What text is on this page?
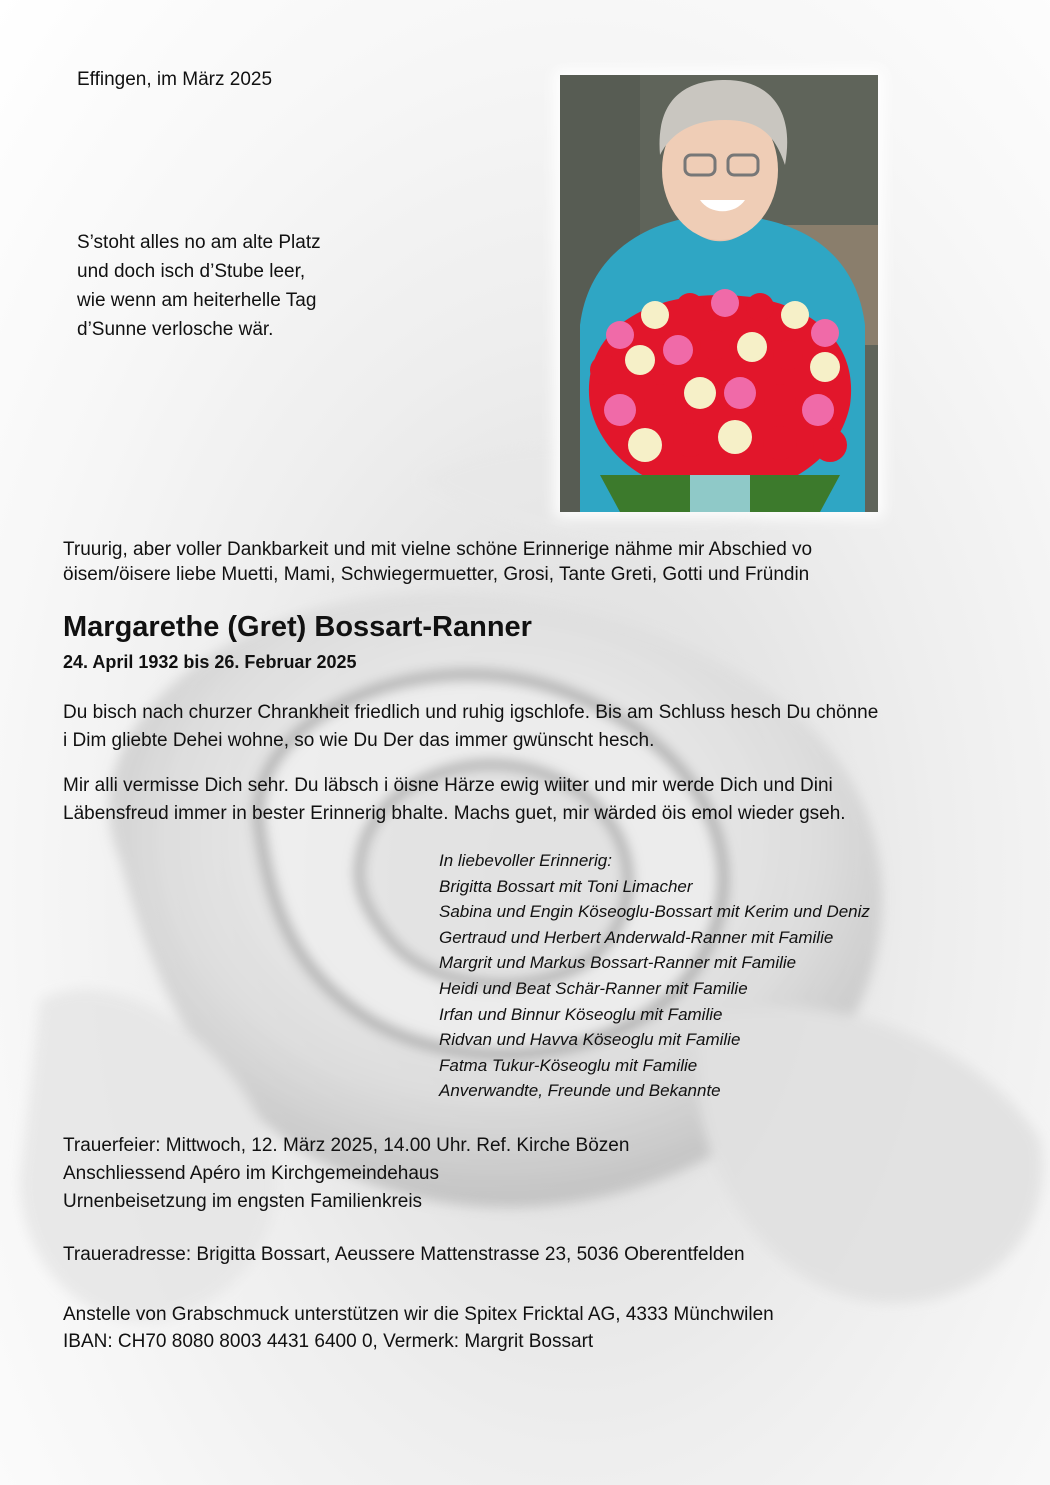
Effingen, im März 2025
S’stoht alles no am alte Platz
und doch isch d’Stube leer,
wie wenn am heiterhelle Tag
d’Sunne verlosche wär.
Truurig, aber voller Dankbarkeit und mit vielne schöne Erinnerige nähme mir Abschied vo
öisem/öisere liebe Muetti, Mami, Schwiegermuetter, Grosi, Tante Greti, Gotti und Fründin
Margarethe (Gret) Bossart-Ranner
24. April 1932 bis 26. Februar 2025
Du bisch nach churzer Chrankheit friedlich und ruhig igschlofe. Bis am Schluss hesch Du chönne
i Dim gliebte Dehei wohne, so wie Du Der das immer gwünscht hesch.
Mir alli vermisse Dich sehr. Du läbsch i öisne Härze ewig wiiter und mir werde Dich und Dini
Läbensfreud immer in bester Erinnerig bhalte. Machs guet, mir wärded öis emol wieder gseh.
In liebevoller Erinnerig:
Brigitta Bossart mit Toni Limacher
Sabina und Engin Köseoglu-Bossart mit Kerim und Deniz
Gertraud und Herbert Anderwald-Ranner mit Familie
Margrit und Markus Bossart-Ranner mit Familie
Heidi und Beat Schär-Ranner mit Familie
Irfan und Binnur Köseoglu mit Familie
Ridvan und Havva Köseoglu mit Familie
Fatma Tukur-Köseoglu mit Familie
Anverwandte, Freunde und Bekannte
Trauerfeier: Mittwoch, 12. März 2025, 14.00 Uhr. Ref. Kirche Bözen
Anschliessend Apéro im Kirchgemeindehaus
Urnenbeisetzung im engsten Familienkreis
Traueradresse: Brigitta Bossart, Aeussere Mattenstrasse 23, 5036 Oberentfelden
Anstelle von Grabschmuck unterstützen wir die Spitex Fricktal AG, 4333 Münchwilen
IBAN: CH70 8080 8003 4431 6400 0, Vermerk: Margrit Bossart
